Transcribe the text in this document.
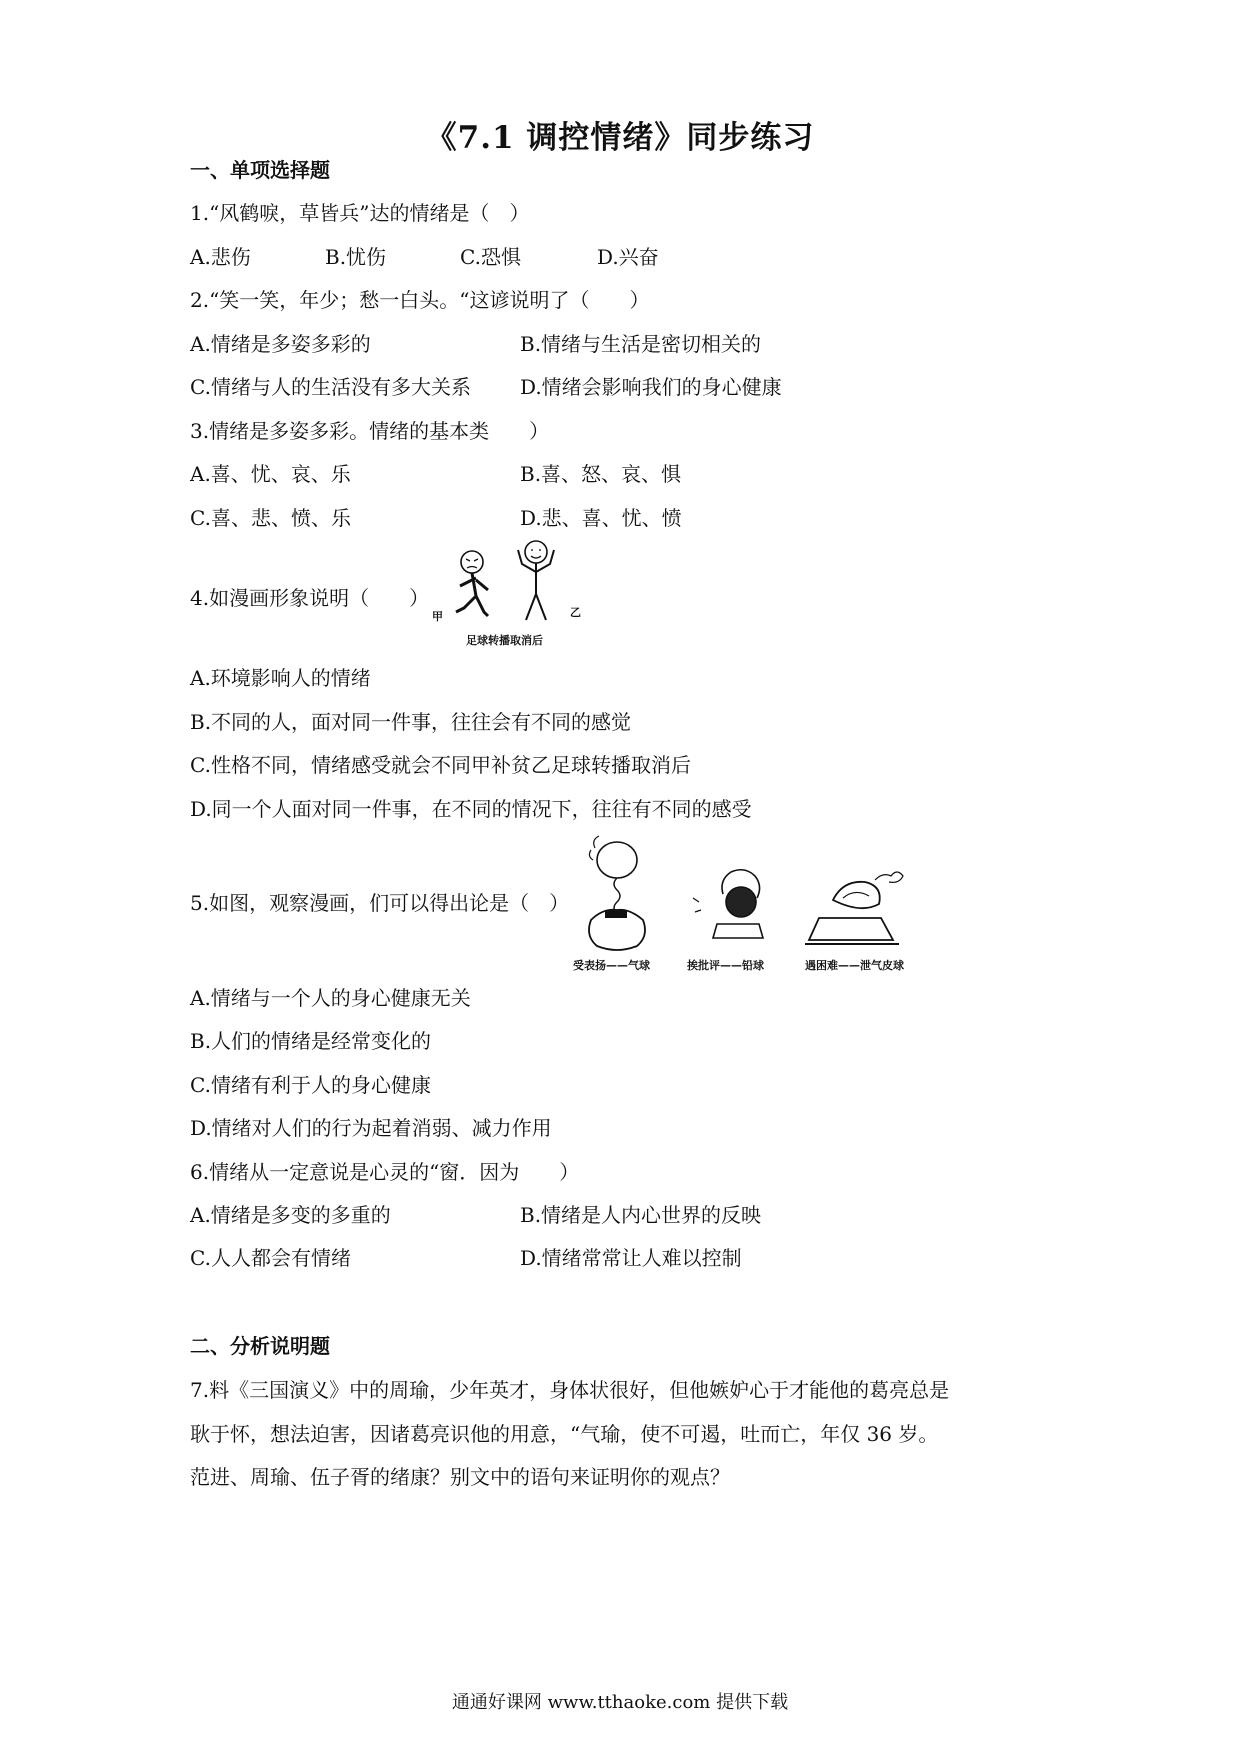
《7.1 调控情绪》同步练习
一、单项选择题
1.“风鹤唳，草皆兵”达的情绪是（　）
A.悲伤	B.忧伤	C.恐惧	D.兴奋
2.“笑一笑，年少；愁一白头。“这谚说明了（　　）
A.情绪是多姿多彩的	B.情绪与生活是密切相关的
C.情绪与人的生活没有多大关系 D.情绪会影响我们的身心健康
3.情绪是多姿多彩。情绪的基本类　　）
A.喜、忧、哀、乐	B.喜、怒、哀、惧
C.喜、悲、愤、乐	D.悲、喜、忧、愤
4.如漫画形象说明（　　）
甲	乙
足球转播取消后
A.环境影响人的情绪
B.不同的人，面对同一件事，往往会有不同的感觉
C.性格不同，情绪感受就会不同甲补贫乙足球转播取消后
D.同一个人面对同一件事，在不同的情况下，往往有不同的感受
5.如图，观察漫画，们可以得出论是（　）
受表扬——气球	挨批评——铅球	遇困难——泄气皮球
A.情绪与一个人的身心健康无关
B.人们的情绪是经常变化的
C.情绪有利于人的身心健康
D.情绪对人们的行为起着消弱、减力作用
6.情绪从一定意说是心灵的“窗．因为　　）
A.情绪是多变的多重的	B.情绪是人内心世界的反映
C.人人都会有情绪	D.情绪常常让人难以控制
二、分析说明题
7.料《三国演义》中的周瑜，少年英才，身体状很好，但他嫉妒心于才能他的葛亮总是
耿于怀，想法迫害，因诸葛亮识他的用意，“气瑜，使不可遏，吐而亡，年仅 36 岁。
范进、周瑜、伍子胥的绪康？别文中的语句来证明你的观点？
通通好课网 www.tthaoke.com 提供下载
